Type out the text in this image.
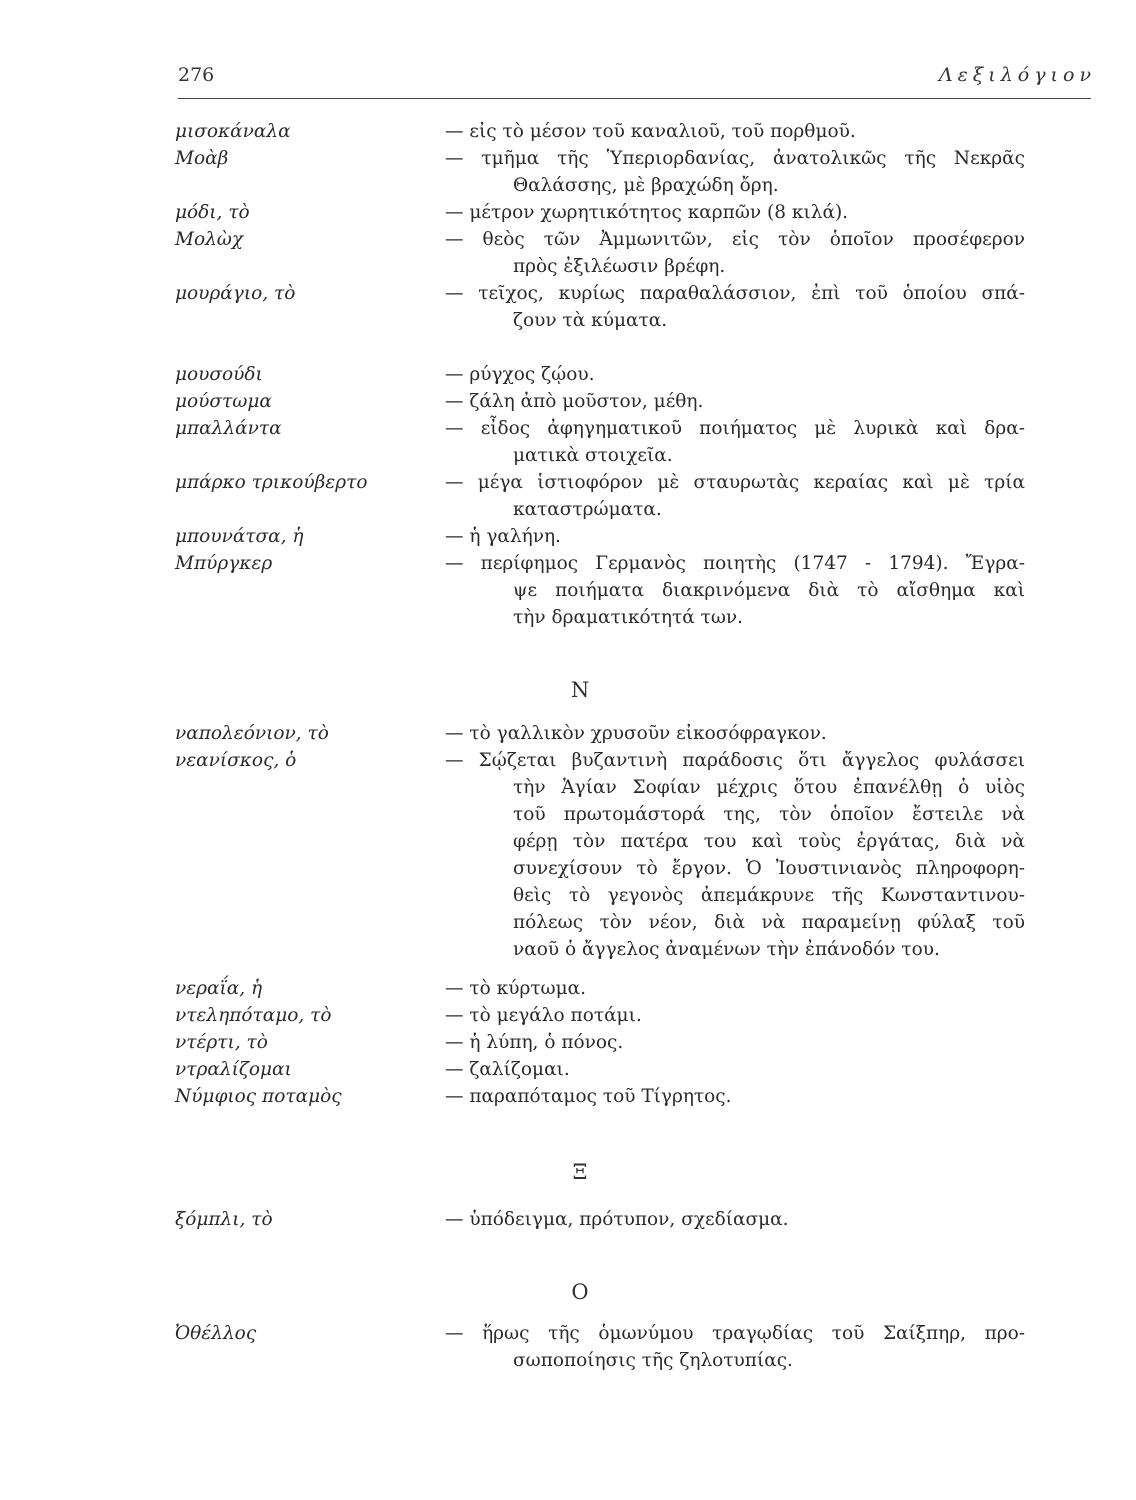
276	Λεξιλόγιον
μισοκάναλα	— εἰς τὸ μέσον τοῦ καναλιοῦ, τοῦ πορθμοῦ.
Μοὰβ	— τμῆμα τῆς Ὑπεριορδανίας, ἀνατολικῶς τῆς Νεκρᾶς
Θαλάσσης, μὲ βραχώδη ὄρη.
μόδι, τὸ	— μέτρον χωρητικότητος καρπῶν (8 κιλά).
Μολὼχ	— θεὸς τῶν Ἀμμωνιτῶν, εἰς τὸν ὁποῖον προσέφερον
πρὸς ἐξιλέωσιν βρέφη.
μουράγιο, τὸ	— τεῖχος, κυρίως παραθαλάσσιον, ἐπὶ τοῦ ὁποίου σπά-
ζουν τὰ κύματα.
μουσούδι	— ρύγχος ζῴου.
μούστωμα	— ζάλη ἀπὸ μοῦστον, μέθη.
μπαλλάντα	— εἶδος ἀφηγηματικοῦ ποιήματος μὲ λυρικὰ καὶ δρα-
ματικὰ στοιχεῖα.
μπάρκο τρικούβερτο	— μέγα ἱστιοφόρον μὲ σταυρωτὰς κεραίας καὶ μὲ τρία
καταστρώματα.
μπουνάτσα, ἡ	— ἡ γαλήνη.
Μπύργκερ	— περίφημος Γερμανὸς ποιητὴς (1747 - 1794). Ἔγρα-
ψε ποιήματα διακρινόμενα διὰ τὸ αἴσθημα καὶ
τὴν δραματικότητά των.
Ν
ναπολεόνιον, τὸ	— τὸ γαλλικὸν χρυσοῦν εἰκοσόφραγκον.
νεανίσκος, ὁ	— Σῴζεται βυζαντινὴ παράδοσις ὅτι ἄγγελος φυλάσσει
τὴν Ἁγίαν Σοφίαν μέχρις ὅτου ἐπανέλθῃ ὁ υἱὸς
τοῦ πρωτομάστορά της, τὸν ὁποῖον ἔστειλε νὰ
φέρῃ τὸν πατέρα του καὶ τοὺς ἐργάτας, διὰ νὰ
συνεχίσουν τὸ ἔργον. Ὁ Ἰουστινιανὸς πληροφορη-
θεὶς τὸ γεγονὸς ἀπεμάκρυνε τῆς Κωνσταντινου-
πόλεως τὸν νέον, διὰ νὰ παραμείνῃ φύλαξ τοῦ
ναοῦ ὁ ἄγγελος ἀναμένων τὴν ἐπάνοδόν του.
νεραΐα, ἡ	— τὸ κύρτωμα.
ντεληπόταμο, τὸ	— τὸ μεγάλο ποτάμι.
ντέρτι, τὸ	— ἡ λύπη, ὁ πόνος.
ντραλίζομαι	— ζαλίζομαι.
Νύμφιος ποταμὸς	— παραπόταμος τοῦ Τίγρητος.
Ξ
ξόμπλι, τὸ	— ὑπόδειγμα, πρότυπον, σχεδίασμα.
Ο
Ὀθέλλος	— ἥρως τῆς ὁμωνύμου τραγῳδίας τοῦ Σαίξπηρ, προ-
σωποποίησις τῆς ζηλοτυπίας.
